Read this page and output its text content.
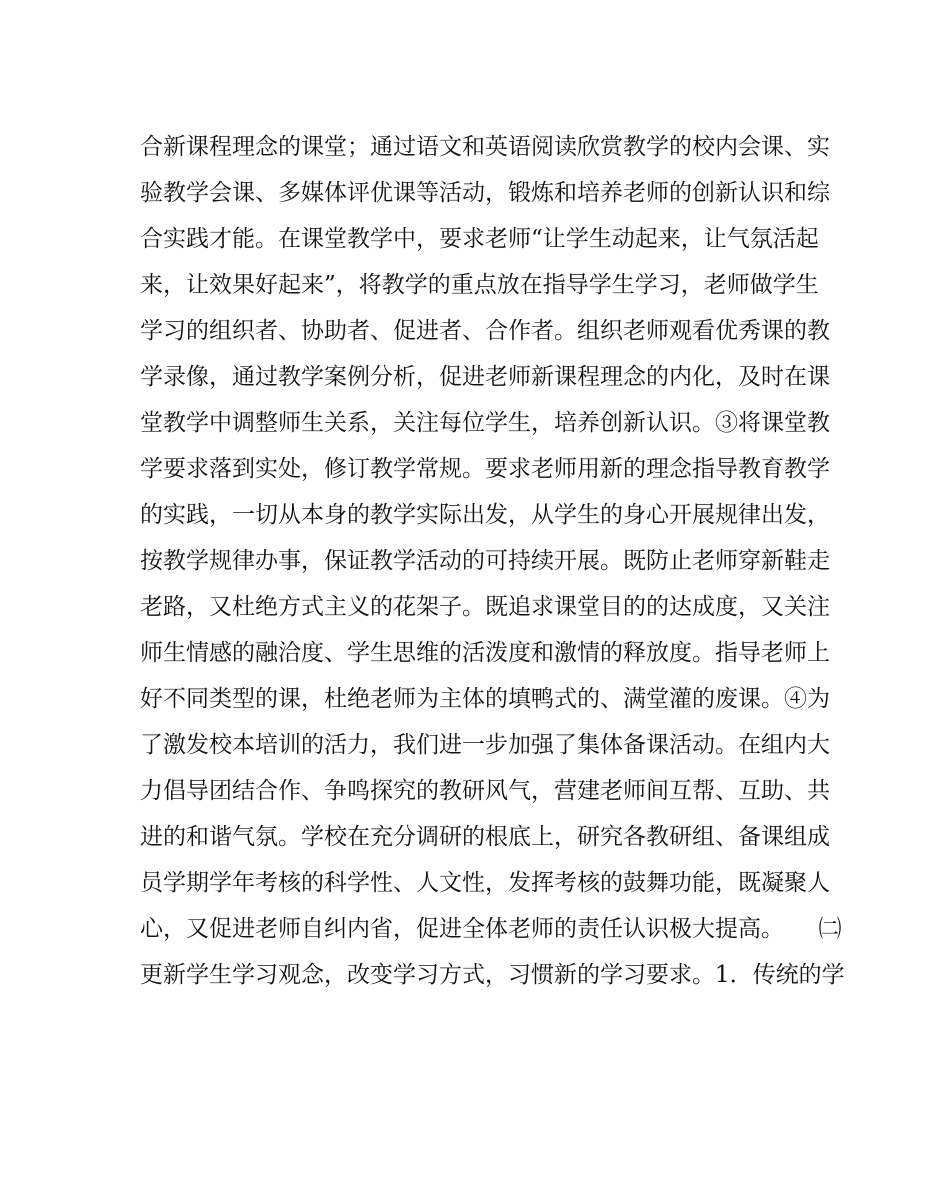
合新课程理念的课堂；通过语文和英语阅读欣赏教学的校内会课、实
验教学会课、多媒体评优课等活动，锻炼和培养老师的创新认识和综
合实践才能。在课堂教学中，要求老师“让学生动起来，让气氛活起
来，让效果好起来”，将教学的重点放在指导学生学习，老师做学生
学习的组织者、协助者、促进者、合作者。组织老师观看优秀课的教
学录像，通过教学案例分析，促进老师新课程理念的内化，及时在课
堂教学中调整师生关系，关注每位学生，培养创新认识。③将课堂教
学要求落到实处，修订教学常规。要求老师用新的理念指导教育教学
的实践，一切从本身的教学实际出发，从学生的身心开展规律出发，
按教学规律办事，保证教学活动的可持续开展。既防止老师穿新鞋走
老路，又杜绝方式主义的花架子。既追求课堂目的的达成度，又关注
师生情感的融洽度、学生思维的活泼度和激情的释放度。指导老师上
好不同类型的课，杜绝老师为主体的填鸭式的、满堂灌的废课。④为
了激发校本培训的活力，我们进一步加强了集体备课活动。在组内大
力倡导团结合作、争鸣探究的教研风气，营建老师间互帮、互助、共
进的和谐气氛。学校在充分调研的根底上，研究各教研组、备课组成
员学期学年考核的科学性、人文性，发挥考核的鼓舞功能，既凝聚人
心，又促进老师自纠内省，促进全体老师的责任认识极大提高。　　㈡
更新学生学习观念，改变学习方式，习惯新的学习要求。1．传统的学
